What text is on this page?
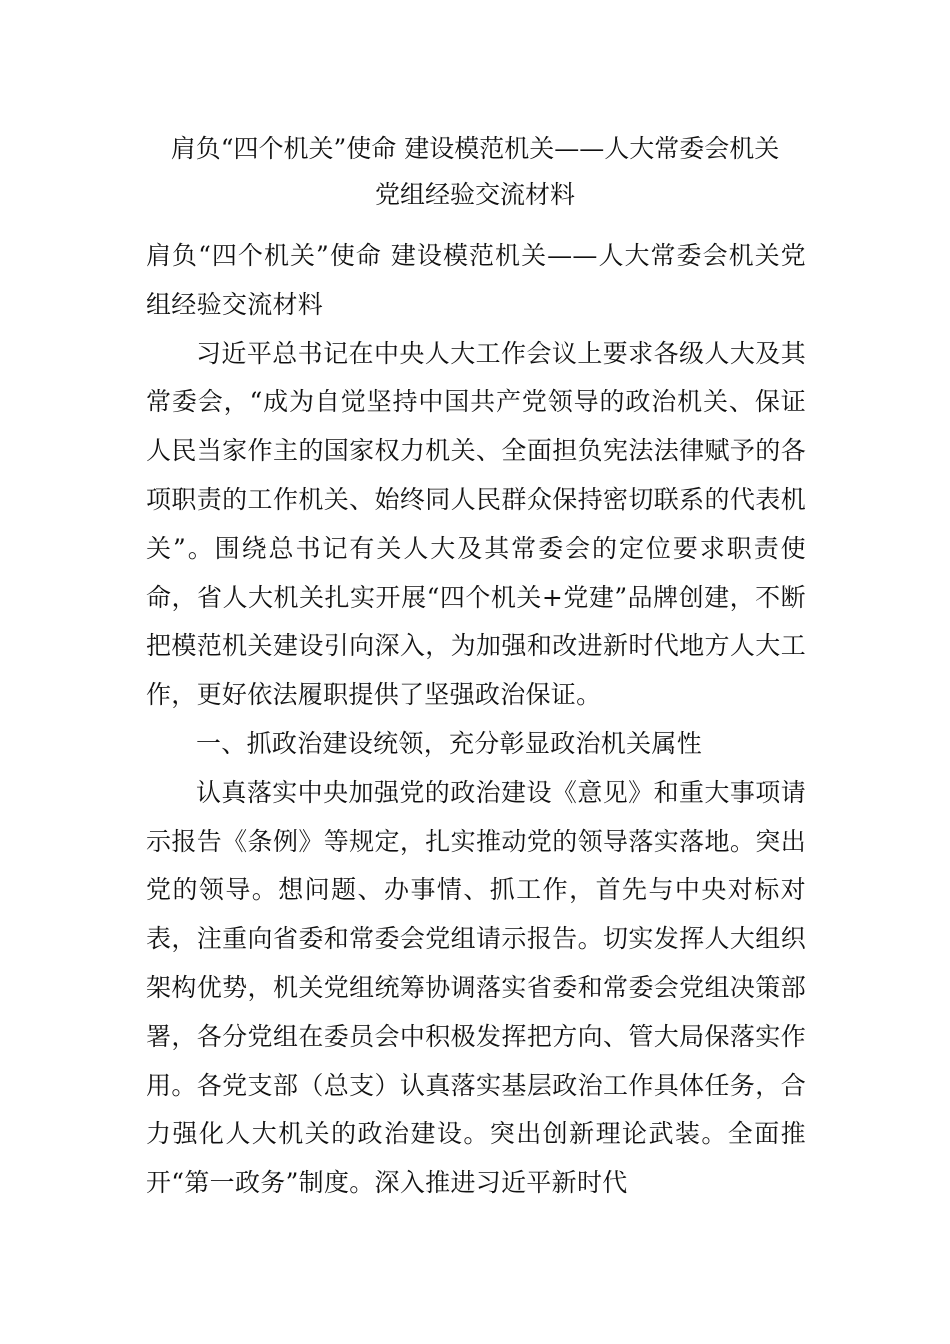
肩负“四个机关”使命 建设模范机关——人大常委会机关
党组经验交流材料

肩负“四个机关”使命 建设模范机关——人大常委会机关党组经验交流材料

习近平总书记在中央人大工作会议上要求各级人大及其常委会，“成为自觉坚持中国共产党领导的政治机关、保证人民当家作主的国家权力机关、全面担负宪法法律赋予的各项职责的工作机关、始终同人民群众保持密切联系的代表机关”。围绕总书记有关人大及其常委会的定位要求职责使命，省人大机关扎实开展“四个机关+党建”品牌创建，不断把模范机关建设引向深入，为加强和改进新时代地方人大工作，更好依法履职提供了坚强政治保证。

一、抓政治建设统领，充分彰显政治机关属性

认真落实中央加强党的政治建设《意见》和重大事项请示报告《条例》等规定，扎实推动党的领导落实落地。突出党的领导。想问题、办事情、抓工作，首先与中央对标对表，注重向省委和常委会党组请示报告。切实发挥人大组织架构优势，机关党组统筹协调落实省委和常委会党组决策部署，各分党组在委员会中积极发挥把方向、管大局保落实作用。各党支部（总支）认真落实基层政治工作具体任务，合力强化人大机关的政治建设。突出创新理论武装。全面推开“第一政务”制度。深入推进习近平新时代
